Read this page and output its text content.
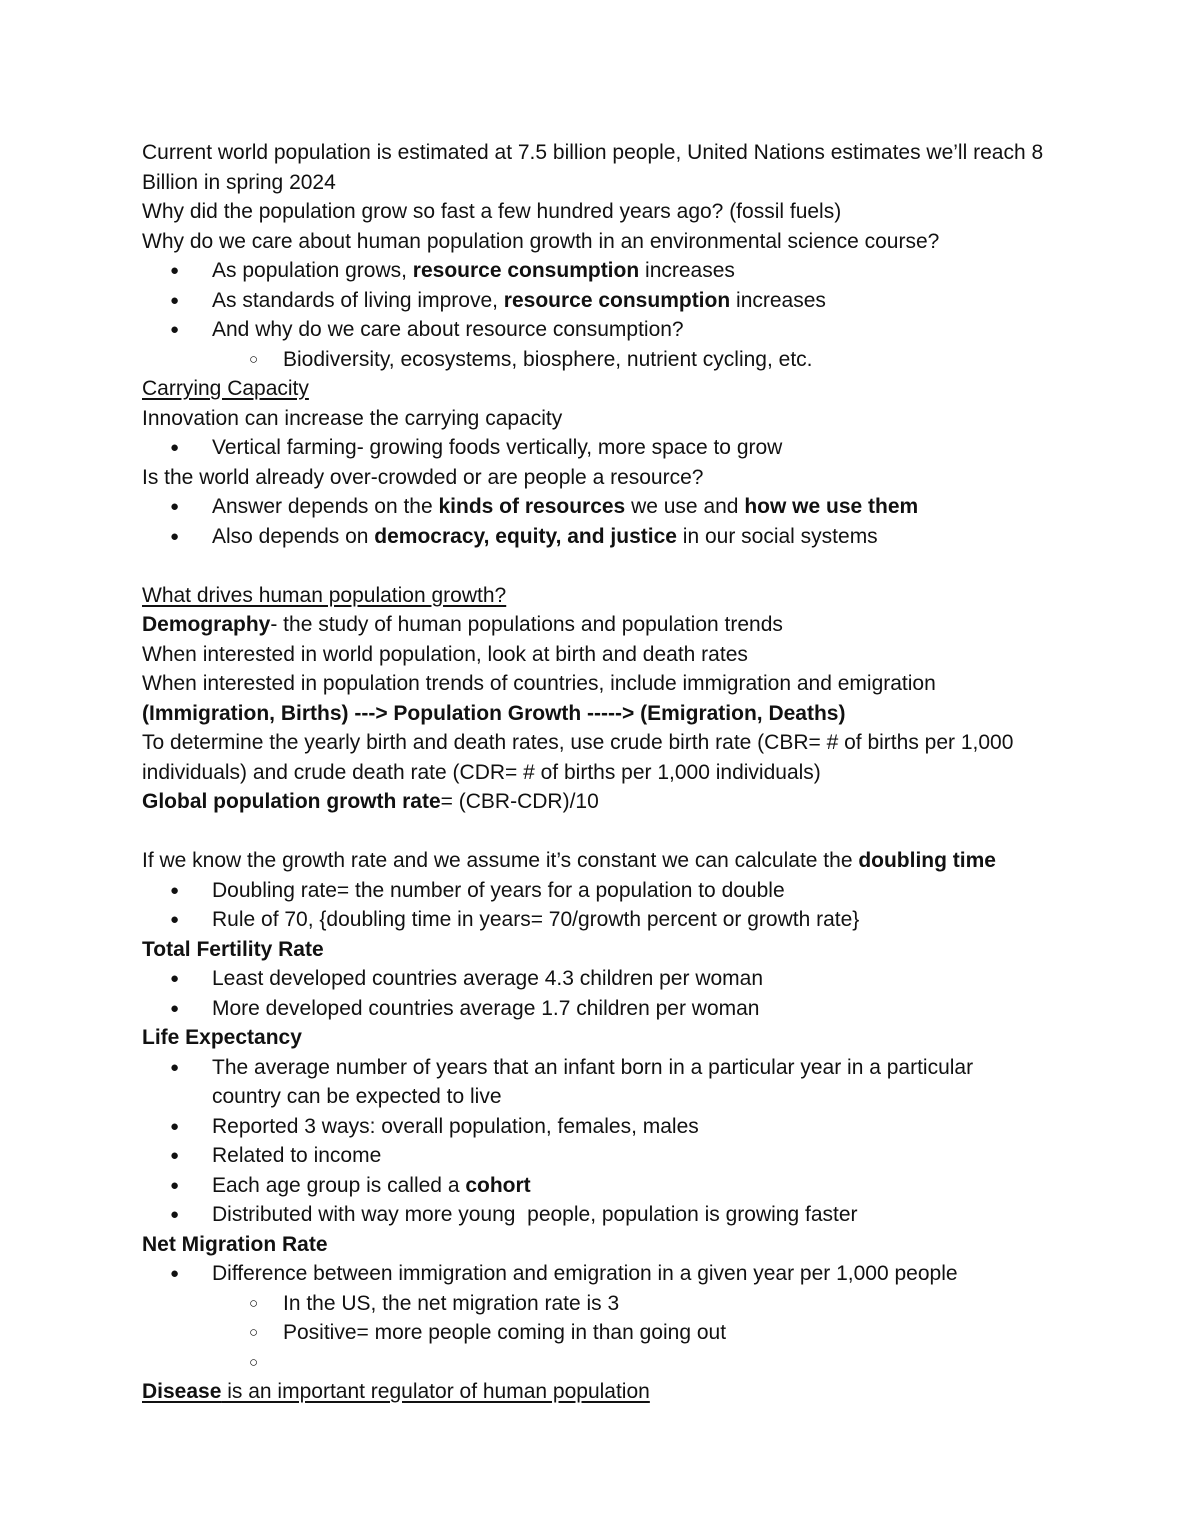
Current world population is estimated at 7.5 billion people, United Nations estimates we’ll reach 8 Billion in spring 2024
Why did the population grow so fast a few hundred years ago? (fossil fuels)
Why do we care about human population growth in an environmental science course?
● As population grows, resource consumption increases
● As standards of living improve, resource consumption increases
● And why do we care about resource consumption?
○ Biodiversity, ecosystems, biosphere, nutrient cycling, etc.
Carrying Capacity
Innovation can increase the carrying capacity
● Vertical farming- growing foods vertically, more space to grow
Is the world already over-crowded or are people a resource?
● Answer depends on the kinds of resources we use and how we use them
● Also depends on democracy, equity, and justice in our social systems
What drives human population growth?
Demography- the study of human populations and population trends
When interested in world population, look at birth and death rates
When interested in population trends of countries, include immigration and emigration
(Immigration, Births) ---> Population Growth -----> (Emigration, Deaths)
To determine the yearly birth and death rates, use crude birth rate (CBR= # of births per 1,000 individuals) and crude death rate (CDR= # of births per 1,000 individuals)
Global population growth rate= (CBR-CDR)/10
If we know the growth rate and we assume it’s constant we can calculate the doubling time
● Doubling rate= the number of years for a population to double
● Rule of 70, {doubling time in years= 70/growth percent or growth rate}
Total Fertility Rate
● Least developed countries average 4.3 children per woman
● More developed countries average 1.7 children per woman
Life Expectancy
● The average number of years that an infant born in a particular year in a particular country can be expected to live
● Reported 3 ways: overall population, females, males
● Related to income
● Each age group is called a cohort
● Distributed with way more young  people, population is growing faster
Net Migration Rate
● Difference between immigration and emigration in a given year per 1,000 people
○ In the US, the net migration rate is 3
○ Positive= more people coming in than going out
○
Disease is an important regulator of human population
